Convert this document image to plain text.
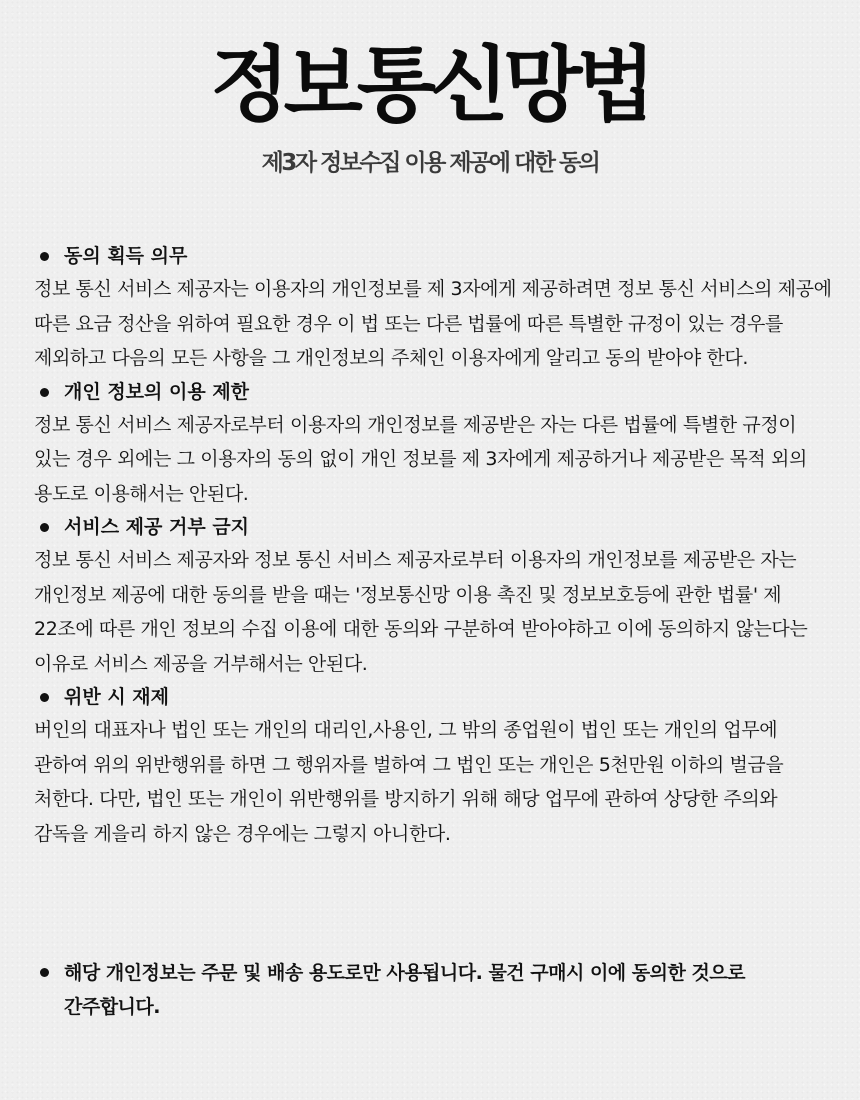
정보통신망법
제3자 정보수집 이용 제공에 대한 동의
동의 획득 의무

정보 통신 서비스 제공자는 이용자의 개인정보를 제 3자에게 제공하려면 정보 통신 서비스의 제공에 따른 요금 정산을 위하여 필요한 경우 이 법 또는 다른 법률에 따른 특별한 규정이 있는 경우를 제외하고 다음의 모든 사항을 그 개인정보의 주체인 이용자에게 알리고 동의 받아야 한다.

개인 정보의 이용 제한

정보 통신 서비스 제공자로부터 이용자의 개인정보를 제공받은 자는 다른 법률에 특별한 규정이 있는 경우 외에는 그 이용자의 동의 없이 개인 정보를 제 3자에게 제공하거나 제공받은 목적 외의 용도로 이용해서는 안된다.

서비스 제공 거부 금지

정보 통신 서비스 제공자와 정보 통신 서비스 제공자로부터 이용자의 개인정보를 제공받은 자는 개인정보 제공에 대한 동의를 받을 때는 '정보통신망 이용 촉진 및 정보보호등에 관한 법률' 제 22조에 따른 개인 정보의 수집 이용에 대한 동의와 구분하여 받아야하고 이에 동의하지 않는다는 이유로 서비스 제공을 거부해서는 안된다.

위반 시 재제

버인의 대표자나 법인 또는 개인의 대리인,사용인, 그 밖의 종업원이 법인 또는 개인의 업무에 관하여 위의 위반행위를 하면 그 행위자를 벌하여 그 법인 또는 개인은 5천만원 이하의 벌금을 처한다. 다만, 법인 또는 개인이 위반행위를 방지하기 위해 해당 업무에 관하여 상당한 주의와 감독을 게을리 하지 않은 경우에는 그렇지 아니한다.

해당 개인정보는 주문 및 배송 용도로만 사용됩니다. 물건 구매시 이에 동의한 것으로 간주합니다.
